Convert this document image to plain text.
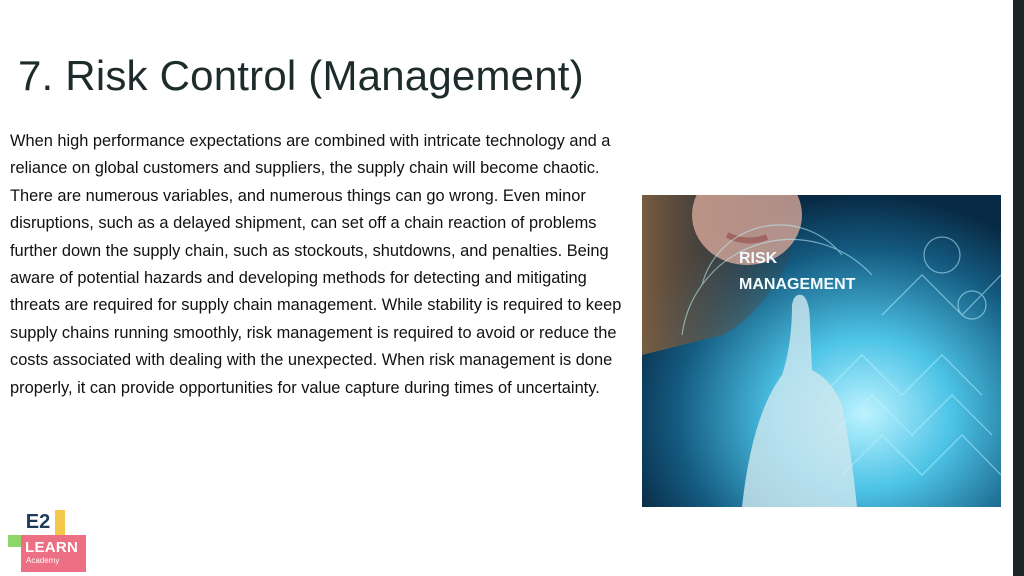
7. Risk Control (Management)

When high performance expectations are combined with intricate technology and a reliance on global customers and suppliers, the supply chain will become chaotic. There are numerous variables, and numerous things can go wrong. Even minor disruptions, such as a delayed shipment, can set off a chain reaction of problems further down the supply chain, such as stockouts, shutdowns, and penalties. Being aware of potential hazards and developing methods for detecting and mitigating threats are required for supply chain management. While stability is required to keep supply chains running smoothly, risk management is required to avoid or reduce the costs associated with dealing with the unexpected. When risk management is done properly, it can provide opportunities for value capture during times of uncertainty.

RISK
MANAGEMENT
E2
LEARN
Academy
